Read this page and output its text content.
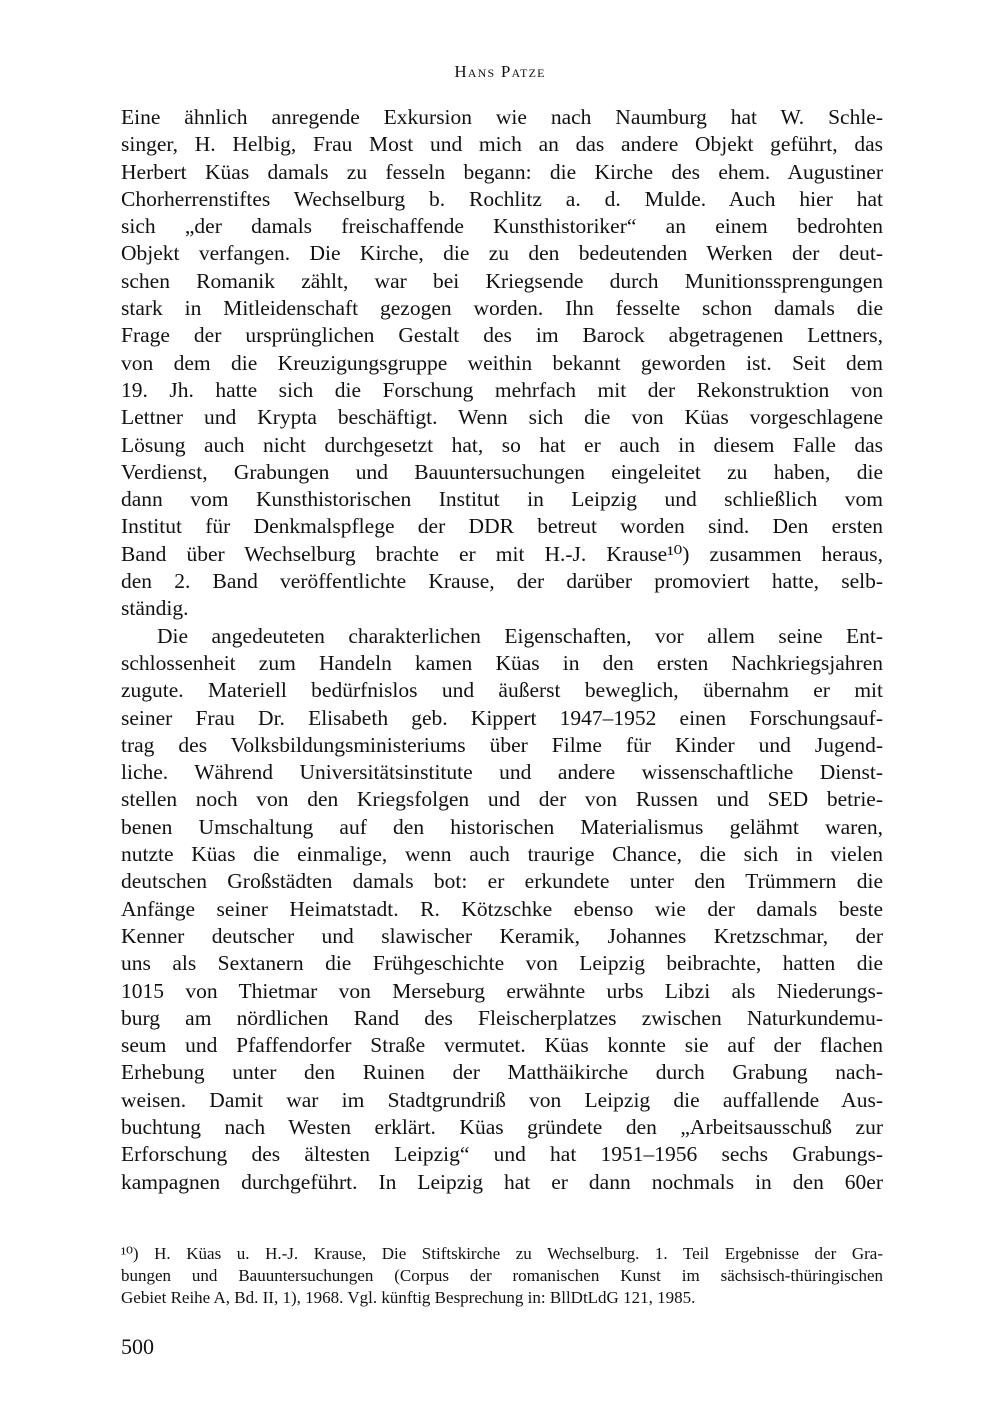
Hans Patze
Eine ähnlich anregende Exkursion wie nach Naumburg hat W. Schle-
singer, H. Helbig, Frau Most und mich an das andere Objekt geführt, das
Herbert Küas damals zu fesseln begann: die Kirche des ehem. Augustiner
Chorherrenstiftes Wechselburg b. Rochlitz a. d. Mulde. Auch hier hat
sich „der damals freischaffende Kunsthistoriker“ an einem bedrohten
Objekt verfangen. Die Kirche, die zu den bedeutenden Werken der deut-
schen Romanik zählt, war bei Kriegsende durch Munitionssprengungen
stark in Mitleidenschaft gezogen worden. Ihn fesselte schon damals die
Frage der ursprünglichen Gestalt des im Barock abgetragenen Lettners,
von dem die Kreuzigungsgruppe weithin bekannt geworden ist. Seit dem
19. Jh. hatte sich die Forschung mehrfach mit der Rekonstruktion von
Lettner und Krypta beschäftigt. Wenn sich die von Küas vorgeschlagene
Lösung auch nicht durchgesetzt hat, so hat er auch in diesem Falle das
Verdienst, Grabungen und Bauuntersuchungen eingeleitet zu haben, die
dann vom Kunsthistorischen Institut in Leipzig und schließlich vom
Institut für Denkmalspflege der DDR betreut worden sind. Den ersten
Band über Wechselburg brachte er mit H.-J. Krause¹⁰) zusammen heraus,
den 2. Band veröffentlichte Krause, der darüber promoviert hatte, selb-
ständig.
Die angedeuteten charakterlichen Eigenschaften, vor allem seine Ent-
schlossenheit zum Handeln kamen Küas in den ersten Nachkriegsjahren
zugute. Materiell bedürfnislos und äußerst beweglich, übernahm er mit
seiner Frau Dr. Elisabeth geb. Kippert 1947–1952 einen Forschungsauf-
trag des Volksbildungsministeriums über Filme für Kinder und Jugend-
liche. Während Universitätsinstitute und andere wissenschaftliche Dienst-
stellen noch von den Kriegsfolgen und der von Russen und SED betrie-
benen Umschaltung auf den historischen Materialismus gelähmt waren,
nutzte Küas die einmalige, wenn auch traurige Chance, die sich in vielen
deutschen Großstädten damals bot: er erkundete unter den Trümmern die
Anfänge seiner Heimatstadt. R. Kötzschke ebenso wie der damals beste
Kenner deutscher und slawischer Keramik, Johannes Kretzschmar, der
uns als Sextanern die Frühgeschichte von Leipzig beibrachte, hatten die
1015 von Thietmar von Merseburg erwähnte urbs Libzi als Niederungs-
burg am nördlichen Rand des Fleischerplatzes zwischen Naturkundemu-
seum und Pfaffendorfer Straße vermutet. Küas konnte sie auf der flachen
Erhebung unter den Ruinen der Matthäikirche durch Grabung nach-
weisen. Damit war im Stadtgrundriß von Leipzig die auffallende Aus-
buchtung nach Westen erklärt. Küas gründete den „Arbeitsausschuß zur
Erforschung des ältesten Leipzig“ und hat 1951–1956 sechs Grabungs-
kampagnen durchgeführt. In Leipzig hat er dann nochmals in den 60er
¹⁰) H. Küas u. H.-J. Krause, Die Stiftskirche zu Wechselburg. 1. Teil Ergebnisse der Gra-
bungen und Bauuntersuchungen (Corpus der romanischen Kunst im sächsisch-thüringischen
Gebiet Reihe A, Bd. II, 1), 1968. Vgl. künftig Besprechung in: BllDtLdG 121, 1985.
500
